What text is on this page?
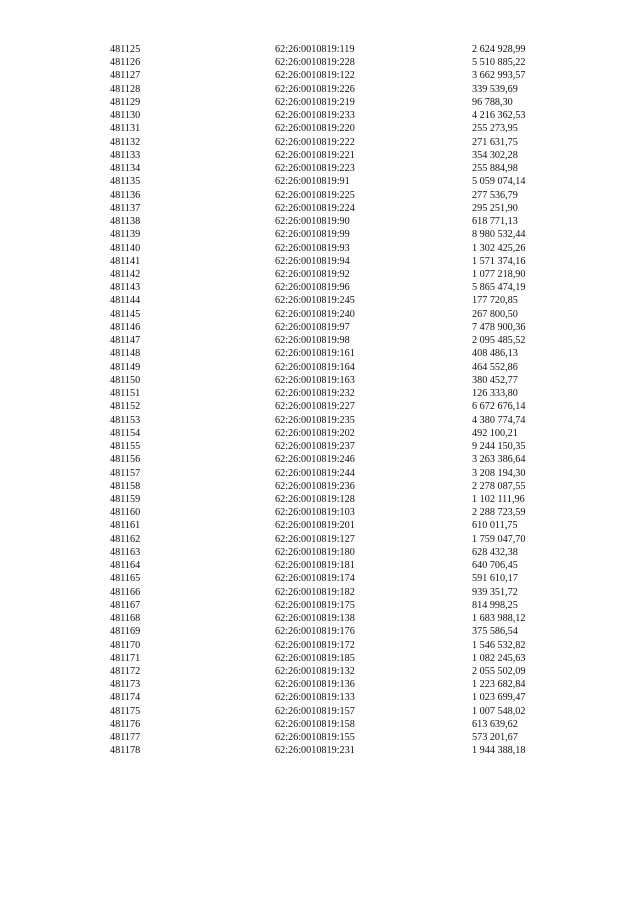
481125	62:26:0010819:119	2 624 928,99
481126	62:26:0010819:228	5 510 885,22
481127	62:26:0010819:122	3 662 993,57
481128	62:26:0010819:226	339 539,69
481129	62:26:0010819:219	96 788,30
481130	62:26:0010819:233	4 216 362,53
481131	62:26:0010819:220	255 273,95
481132	62:26:0010819:222	271 631,75
481133	62:26:0010819:221	354 302,28
481134	62:26:0010819:223	255 884,98
481135	62:26:0010819:91	5 059 074,14
481136	62:26:0010819:225	277 536,79
481137	62:26:0010819:224	295 251,90
481138	62:26:0010819:90	618 771,13
481139	62:26:0010819:99	8 980 532,44
481140	62:26:0010819:93	1 302 425,26
481141	62:26:0010819:94	1 571 374,16
481142	62:26:0010819:92	1 077 218,90
481143	62:26:0010819:96	5 865 474,19
481144	62:26:0010819:245	177 720,85
481145	62:26:0010819:240	267 800,50
481146	62:26:0010819:97	7 478 900,36
481147	62:26:0010819:98	2 095 485,52
481148	62:26:0010819:161	408 486,13
481149	62:26:0010819:164	464 552,86
481150	62:26:0010819:163	380 452,77
481151	62:26:0010819:232	126 333,80
481152	62:26:0010819:227	6 672 676,14
481153	62:26:0010819:235	4 380 774,74
481154	62:26:0010819:202	492 100,21
481155	62:26:0010819:237	9 244 150,35
481156	62:26:0010819:246	3 263 386,64
481157	62:26:0010819:244	3 208 194,30
481158	62:26:0010819:236	2 278 087,55
481159	62:26:0010819:128	1 102 111,96
481160	62:26:0010819:103	2 288 723,59
481161	62:26:0010819:201	610 011,75
481162	62:26:0010819:127	1 759 047,70
481163	62:26:0010819:180	628 432,38
481164	62:26:0010819:181	640 706,45
481165	62:26:0010819:174	591 610,17
481166	62:26:0010819:182	939 351,72
481167	62:26:0010819:175	814 998,25
481168	62:26:0010819:138	1 683 988,12
481169	62:26:0010819:176	375 586,54
481170	62:26:0010819:172	1 546 532,82
481171	62:26:0010819:185	1 082 245,63
481172	62:26:0010819:132	2 055 502,09
481173	62:26:0010819:136	1 223 682,84
481174	62:26:0010819:133	1 023 699,47
481175	62:26:0010819:157	1 007 548,02
481176	62:26:0010819:158	613 639,62
481177	62:26:0010819:155	573 201,67
481178	62:26:0010819:231	1 944 388,18
